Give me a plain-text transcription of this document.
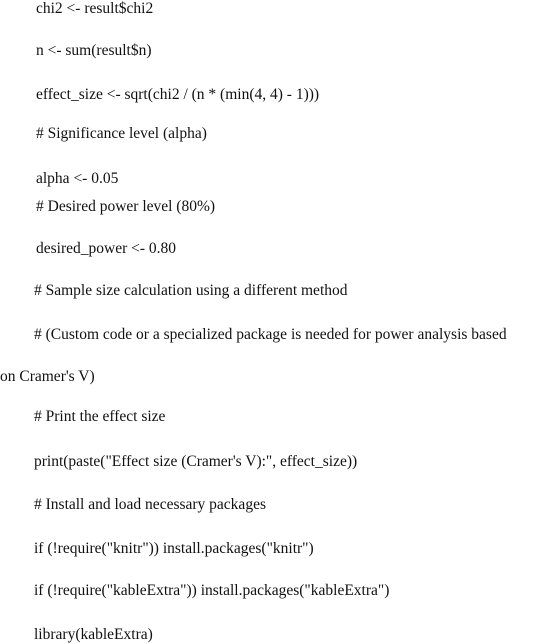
chi2 <- result$chi2
n <- sum(result$n)
effect_size <- sqrt(chi2 / (n * (min(4, 4) - 1)))
# Significance level (alpha)
alpha <- 0.05
# Desired power level (80%)
desired_power <- 0.80
# Sample size calculation using a different method
# (Custom code or a specialized package is needed for power analysis based
on Cramer's V)
# Print the effect size
print(paste("Effect size (Cramer's V):", effect_size))
# Install and load necessary packages
if (!require("knitr")) install.packages("knitr")
if (!require("kableExtra")) install.packages("kableExtra")
library(kableExtra)
